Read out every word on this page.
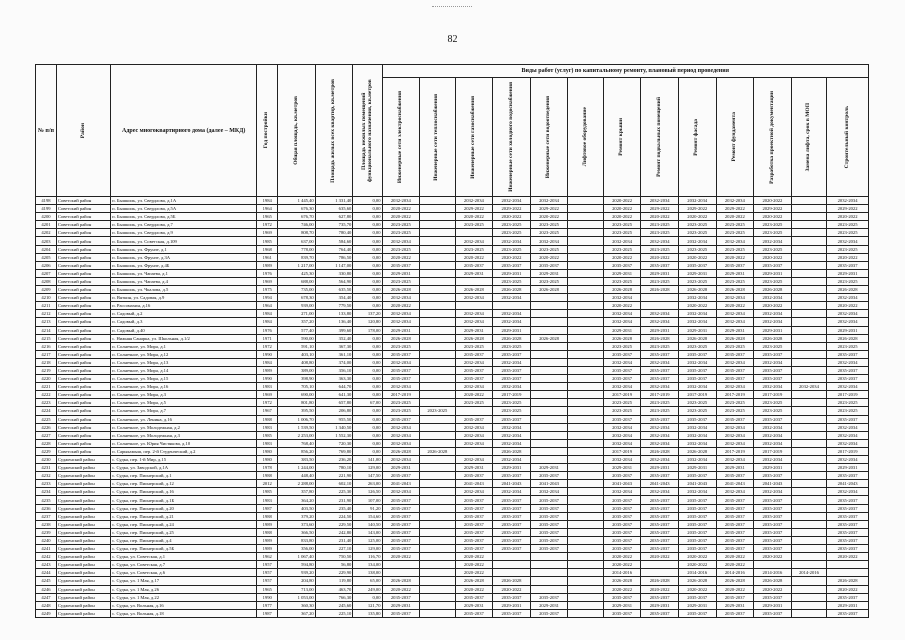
82
№ п/п	Район	Адрес многоквартирного дома (далее – МКД)	Год постройки	Общая площадь, кв.метров	Площадь жилых всех квартир, кв.метров	Площадь нежилых помещений функционального назначения, кв.метров	Виды работ (услуг) по капитальному ремонту, плановый период проведения												

							Инженерные сети электроснабжения	Инженерные сети теплоснабжения	Инженерные сети газоснабжения	Инженерные сети холодного водоснабжения	Инженерные сети водоотведения	Лифтовое оборудование	Ремонт крыши	Ремонт подвальных помещений	Ремонт фасада	Ремонт фундамента	Разработка проектной документации	Замена лифта, срок в МОП	Строительный контроль

4198	Советский район	п. Бышкиль, ул. Свердлова, д.1А	1984	1 445,40	1 331,40	0,00	2032-2034		2032-2034	2032-2034	2032-2034		2020-2022	2032-2034	2032-2034	2032-2034	2020-2022		2032-2034
4199	Советский район	п. Бышкиль, ул. Свердлова, д.5А	1964	676,30	635,60	0,00	2020-2022		2029-2022	2029-2022	2029-2022		2020-2022	2029-2022	2029-2022	2029-2022	2029-2022		2029-2022
4200	Советский район	п. Бышкиль, ул. Свердлова, д.5Б	1965	676,70	627,80	0,00	2020-2022		2020-2022	2020-2022	2020-2022		2020-2022	2020-2022	2020-2022	2020-2022	2020-2022		2020-2022
4201	Советский район	п. Бышкиль, ул. Свердлова, д.7	1972	746,00	735,70	0,00	2023-2025		2023-2025	2023-2025	2023-2025		2023-2025	2023-2025	2023-2025	2023-2025	2023-2025		2023-2025
4202	Советский район	п. Бышкиль, ул. Свердлова, д.9	1969	808,70	780,40	0,00	2023-2025			2023-2025	2023-2025		2023-2025	2023-2025	2023-2025	2023-2025	2023-2025		2023-2025
4203	Советский район	п. Бышкиль, ул. Советская, д.109	1985	637,00	584,60	0,00	2032-2034		2032-2034	2032-2034	2032-2034		2032-2034	2032-2034	2032-2034	2032-2034	2032-2034		2032-2034
4204	Советский район	п. Бышкиль, ул. Фрунзе, д.1	1968	778,00	764,40	0,00	2023-2025		2023-2025	2023-2025	2023-2025		2023-2025	2023-2025	2023-2025	2023-2025	2023-2025		2023-2025
4205	Советский район	п. Бышкиль, ул. Фрунзе, д.3А	1961	839,70	786,50	0,00	2020-2022		2020-2022	2020-2022	2020-2022		2020-2022	2020-2022	2020-2022	2020-2022	2020-2022		2020-2022
4206	Советский район	п. Бышкиль, ул. Фрунзе, д.4Б	1989	1 217,00	1 147,00	0,00	2035-2037		2035-2037	2035-2037	2035-2037		2035-2037	2035-2037	2035-2037	2035-2037	2035-2037		2035-2037
4207	Советский район	п. Бышкиль, ул. Чапаева, д.1	1976	425,30	330,80	0,00	2029-2031		2029-2031	2029-2031	2029-2031		2029-2031	2029-2031	2029-2031	2029-2031	2029-2031		2029-2031
4208	Советский район	п. Бышкиль, ул. Чапаева, д.4	1969	688,00	564,90	0,00	2023-2025			2023-2025	2023-2025		2023-2025	2023-2025	2023-2025	2023-2025	2023-2025		2023-2025
4209	Советский район	п. Бышкиль, ул. Чкалова, д.5	1975	735,00	635,50	0,00	2026-2028		2026-2028	2026-2028	2026-2028		2026-2028	2026-2028	2026-2028	2026-2028	2026-2028		2026-2028
4210	Советский район	п. Вяткин, ул. Садовая, д.9	1994	678,30	354,40	0,00	2032-2034		2032-2034	2032-2034			2032-2034		2032-2034	2032-2034	2032-2034		2032-2034
4211	Советский район	п. Рассомахин, д.16	1964	939,00	779,50	0,00	2020-2022						2020-2022		2020-2022	2020-2022	2020-2022		2020-2022
4212	Советский район	п. Садовый, д.2	1984	271,00	133,80	137,20	2032-2034		2032-2034	2032-2034			2032-2034	2032-2034	2032-2034	2032-2034	2032-2034		2032-2034
4213	Советский район	п. Садовый, д.3	1984	357,20	136,40	120,80	2032-2034		2032-2034	2032-2034			2032-2034	2032-2034	2032-2034	2032-2034	2032-2034		2032-2034
4214	Советский район	п. Садовый, д.40	1976	577,40	399,60	178,00	2029-2031		2029-2031	2029-2031			2029-2031	2029-2031	2029-2031	2029-2031	2029-2031		2029-2031
4215	Советский район	с. Нижняя Санарка, ул. Школьная, д.1/2	1971	590,00	352,40	0,00	2026-2028		2026-2028	2026-2028	2026-2028		2026-2028	2026-2028	2026-2028	2026-2028	2026-2028		2026-2028
4216	Советский район	п. Солнечное, ул. Мира, д.1	1972	591,10	367,30	0,00	2023-2025		2023-2025	2023-2025			2023-2025	2023-2025	2023-2025	2023-2025	2023-2025		2023-2025
4217	Советский район	п. Солнечное, ул. Мира, д.12	1990	403,10	361,10	0,00	2035-2037		2035-2037	2035-2037			2035-2037	2035-2037	2035-2037	2035-2037	2035-2037		2035-2037
4218	Советский район	п. Солнечное, ул. Мира, д.13	1984	408,80	374,00	0,00	2032-2034		2032-2034	2032-2034			2032-2034	2032-2034	2032-2034	2032-2034	2032-2034		2032-2034
4219	Советский район	п. Солнечное, ул. Мира, д.14	1989	389,00	356,10	0,00	2035-2037		2035-2037	2035-2037			2035-2037	2035-2037	2035-2037	2035-2037	2035-2037		2035-2037
4220	Советский район	п. Солнечное, ул. Мира, д.15	1990	398,90	363,30	0,00	2035-2037		2035-2037	2035-2037			2035-2037	2035-2037	2035-2037	2035-2037	2035-2037		2035-2037
4221	Советский район	п. Солнечное, ул. Мира, д.16	1983	705,10	644,70	0,00	2032-2034		2032-2034	2032-2034			2032-2034	2032-2034	2032-2034	2032-2034	2032-2034	2032-2034	2032-2034
4222	Советский район	п. Солнечное, ул. Мира, д.3	1969	690,00	641,30	0,00	2017-2019		2020-2022	2017-2019			2017-2019	2017-2019	2017-2019	2017-2019	2017-2019		2017-2019
4223	Советский район	п. Солнечное, ул. Мира, д.5	1972	801,80	657,80	67,00	2023-2025		2023-2025	2023-2025			2023-2025	2023-2025	2023-2025	2023-2025	2023-2025		2023-2025
4224	Советский район	п. Солнечное, ул. Мира, д.7	1967	395,50	206,80	0,00	2023-2025	2023-2025		2023-2025			2023-2025	2023-2025	2023-2025	2023-2025	2023-2025		2023-2025
4225	Советский район	п. Солнечное, ул. Ленина, д.16	1988	1 006,70	955,50	0,00	2035-2037		2035-2037	2035-2037			2035-2037	2035-2037	2035-2037	2035-2037	2035-2037		2035-2037
4226	Советский район	п. Солнечное, ул. Молодежная, д.2	1983	1 539,50	1 340,50	0,00	2032-2034		2032-2034	2032-2034			2032-2034	2032-2034	2032-2034	2032-2034	2032-2034		2032-2034
4227	Советский район	п. Солнечное, ул. Молодежная, д.3	1985	2 253,00	1 552,30	0,00	2032-2034		2032-2034	2032-2034			2032-2034	2032-2034	2032-2034	2032-2034	2032-2034		2032-2034
4228	Советский район	п. Солнечное, ул. Юрия Чистякова, д.10	1983	768,40	720,30	0,00	2032-2034		2032-2034	2032-2034			2032-2034	2032-2034	2032-2034	2032-2034	2032-2034		2032-2034
4229	Советский район	п. Сарыкамыш, пер. 2-й Студенческий, д.2	1980	856,20	769,80	0,00	2026-2028	2026-2028		2026-2028			2017-2019	2026-2028	2026-2028	2017-2019	2017-2019		2017-2019
4230	Судженский район	с. Судка, пер. 1-й Мир, д.15	1980	383,50	236,20	141,00	2032-2034		2032-2034	2032-2034			2032-2034	2032-2034	2032-2034	2032-2034	2032-2034		2032-2034
4231	Судженский район	с. Судка, ул. Заводской, д.1А	1978	1 244,00	780,10	129,00	2029-2031		2029-2031	2029-2031	2029-2031		2029-2031	2029-2031	2029-2031	2029-2031	2029-2031		2029-2031
4232	Судженский район	с. Судка, пер. Пионерский, д.1	1988	448,40	221,90	147,50	2035-2037		2035-2037	2035-2037	2035-2037		2035-2037	2035-2037	2035-2037	2035-2037	2035-2037		2035-2037
4233	Судженский район	с. Судка, пер. Пионерский, д.12	2012	2 288,00	602,10	263,00	2041-2043		2041-2043	2041-2043	2041-2043		2041-2043	2041-2043	2041-2043	2041-2043	2041-2043		2041-2043
4234	Судженский район	с. Судка, пер. Пионерский, д.16	1985	357,80	225,30	126,50	2032-2034		2032-2034	2032-2034	2032-2034		2032-2034	2032-2034	2032-2034	2032-2034	2032-2034		2032-2034
4235	Судженский район	с. Судка, пер. Пионерский, д.1Б	1983	364,20	231,90	107,00	2035-2037		2035-2037	2035-2037	2035-2037		2035-2037	2035-2037	2035-2037	2035-2037	2035-2037		2035-2037
4236	Судженский район	с. Судка, пер. Пионерский, д.20	1987	403,50	235,40	91,20	2035-2037		2035-2037	2035-2037	2035-2037		2035-2037	2035-2037	2035-2037	2035-2037	2035-2037		2035-2037
4237	Судженский район	с. Судка, пер. Пионерский, д.21	1988	379,20	224,50	154,60	2035-2037		2035-2037	2035-2037	2035-2037		2035-2037	2035-2037	2035-2037	2035-2037	2035-2037		2035-2037
4238	Судженский район	с. Судка, пер. Пионерский, д.24	1989	373,60	229,50	140,50	2035-2037		2035-2037	2035-2037	2035-2037		2035-2037	2035-2037	2035-2037	2035-2037	2035-2037		2035-2037
4239	Судженский район	с. Судка, пер. Пионерский, д.25	1988	366,50	242,80	143,00	2035-2037		2035-2037	2035-2037	2035-2037		2035-2037	2035-2037	2035-2037	2035-2037	2035-2037		2035-2037
4240	Судженский район	с. Судка, пер. Пионерский, д.4	1989	833,80	231,40	125,00	2035-2037		2035-2037	2035-2037	2035-2037		2035-2037	2035-2037	2035-2037	2035-2037	2035-2037		2035-2037
4241	Судженский район	с. Судка, пер. Пионерский, д.5Б	1989	356,00	227,10	129,00	2035-2037		2035-2037	2035-2037	2035-2037		2035-2037	2035-2037	2035-2037	2035-2037	2035-2037		2035-2037
4242	Судженский район	с. Судка, ул. Советская, д.1	1962	1 067,40	750,50	116,70	2020-2022		2020-2022				2020-2022	2020-2022	2020-2022	2020-2022	2020-2022		2020-2022
4243	Судженский район	с. Судка, ул. Советская, д.7	1957	594,80	56,80	134,00			2020-2022				2020-2022		2020-2022	2020-2022			
4244	Судженский район	с. Судка, ул. Советская, д.6	1957	939,20	229,90	138,00			2020-2022				2014-2016		2014-2016	2014-2016	2014-2016	2014-2016	
4245	Судженский район	с. Судка, ул. 1 Мая, д.17	1957	204,80	119,80	65,00	2026-2028		2026-2028	2026-2028			2026-2028	2026-2028	2026-2028	2026-2028	2026-2028		2026-2028
4246	Судженский район	с. Судка, ул. 1 Мая, д.26	1965	713,00	463,70	249,00	2020-2022		2020-2022	2020-2022			2020-2022	2020-2022	2020-2022	2020-2022	2020-2022		2020-2022
4247	Судженский район	с. Судка, ул. 1 Мая, д.22	1990	1 053,00	766,30	0,00	2035-2037		2035-2037	2035-2037	2035-2037		2035-2037	2035-2037	2035-2037	2035-2037	2035-2037		2035-2037
4248	Судженский район	с. Судка, ул. Вольная, д.16	1977	360,30	245,60	121,70	2029-2031		2029-2031	2029-2031	2029-2031		2029-2031	2029-2031	2029-2031	2029-2031	2029-2031		2029-2031
4249	Судженский район	с. Судка, ул. Вольная, д.18	1987	367,20	225,10	135,80	2035-2037		2035-2037	2035-2037	2035-2037		2035-2037	2035-2037	2035-2037	2035-2037	2035-2037		2035-2037
